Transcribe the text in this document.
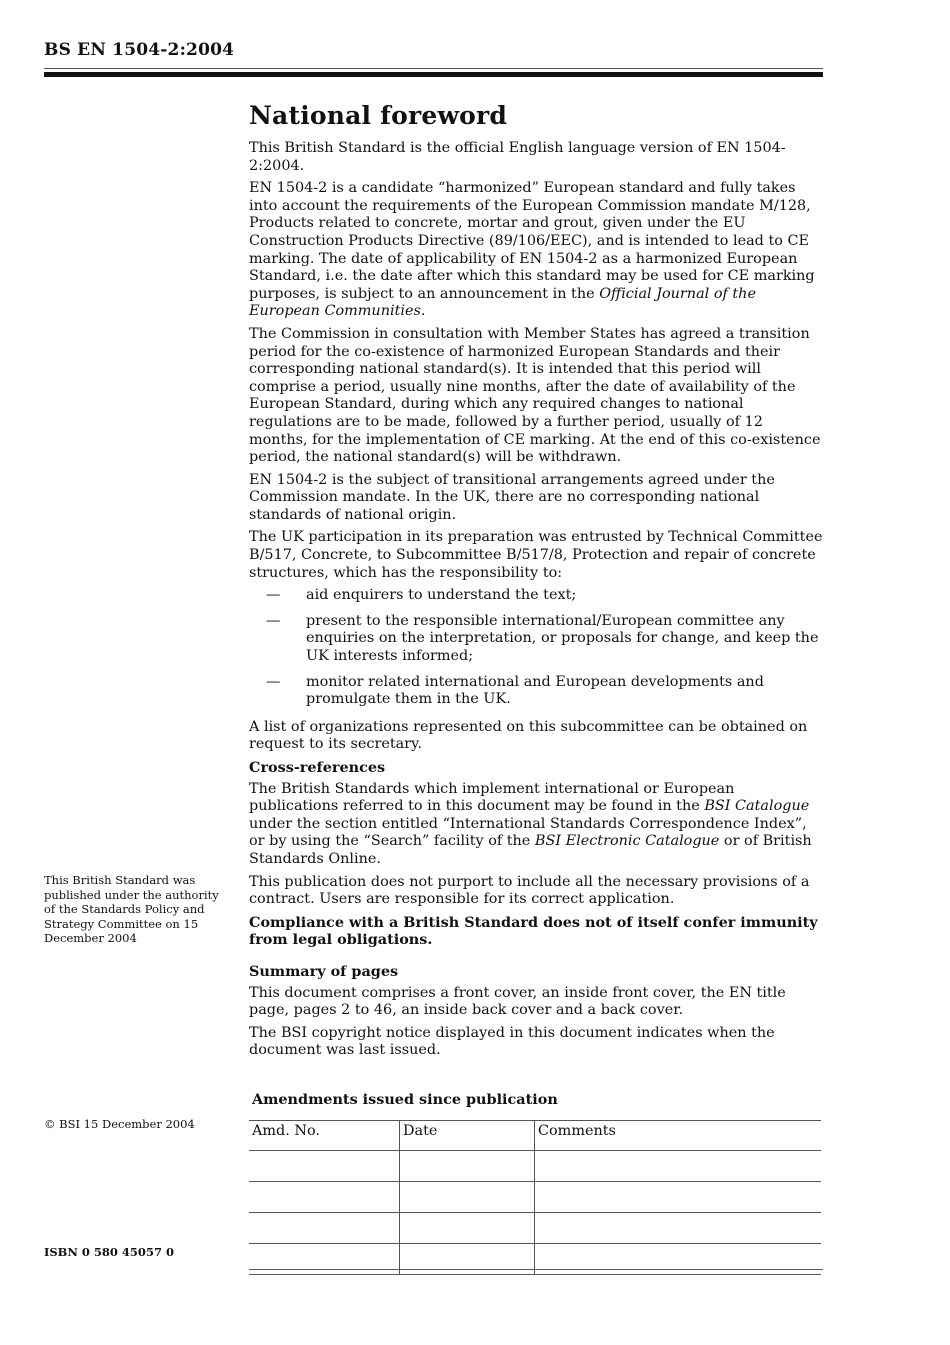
BS EN 1504-2:2004
National foreword

This British Standard is the official English language version of EN 1504-2:2004.

EN 1504-2 is a candidate “harmonized” European standard and fully takes into account the requirements of the European Commission mandate M/128, Products related to concrete, mortar and grout, given under the EU Construction Products Directive (89/106/EEC), and is intended to lead to CE marking. The date of applicability of EN 1504-2 as a harmonized European Standard, i.e. the date after which this standard may be used for CE marking purposes, is subject to an announcement in the Official Journal of the European Communities.

The Commission in consultation with Member States has agreed a transition period for the co-existence of harmonized European Standards and their corresponding national standard(s). It is intended that this period will comprise a period, usually nine months, after the date of availability of the European Standard, during which any required changes to national regulations are to be made, followed by a further period, usually of 12 months, for the implementation of CE marking. At the end of this co-existence period, the national standard(s) will be withdrawn.

EN 1504-2 is the subject of transitional arrangements agreed under the Commission mandate. In the UK, there are no corresponding national standards of national origin.

The UK participation in its preparation was entrusted by Technical Committee B/517, Concrete, to Subcommittee B/517/8, Protection and repair of concrete structures, which has the responsibility to:

— aid enquirers to understand the text;
— present to the responsible international/European committee any enquiries on the interpretation, or proposals for change, and keep the UK interests informed;
— monitor related international and European developments and promulgate them in the UK.

A list of organizations represented on this subcommittee can be obtained on request to its secretary.

Cross-references

The British Standards which implement international or European publications referred to in this document may be found in the BSI Catalogue under the section entitled “International Standards Correspondence Index”, or by using the “Search” facility of the BSI Electronic Catalogue or of British Standards Online.

This publication does not purport to include all the necessary provisions of a contract. Users are responsible for its correct application.

Compliance with a British Standard does not of itself confer immunity from legal obligations.

Summary of pages

This document comprises a front cover, an inside front cover, the EN title page, pages 2 to 46, an inside back cover and a back cover.

The BSI copyright notice displayed in this document indicates when the document was last issued.

This British Standard was published under the authority of the Standards Policy and Strategy Committee on 15 December 2004
© BSI 15 December 2004
ISBN 0 580 45057 0
Amendments issued since publication
Amd. No.	Date	Comments
